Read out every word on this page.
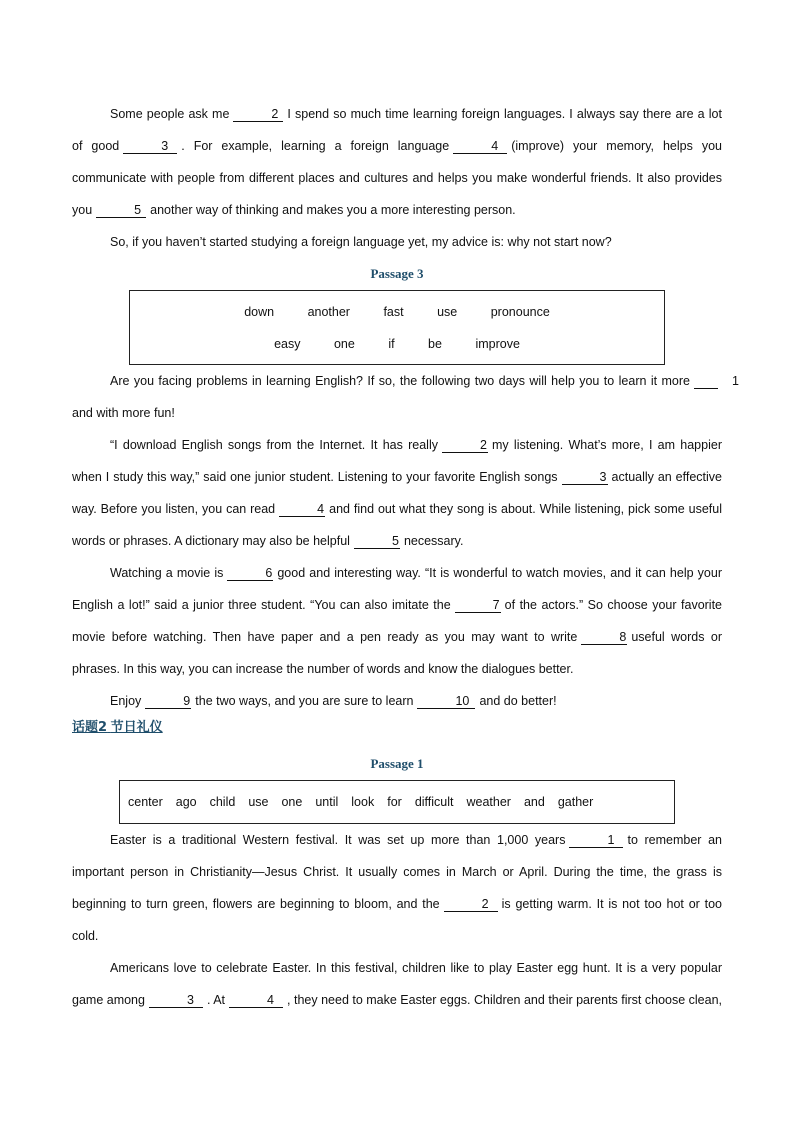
Some people ask me	2 I spend so much time learning foreign languages. I always say there are a lot of good	3 . For example, learning a foreign language	4 (improve) your memory, helps you communicate with people from different places and cultures and helps you make wonderful friends. It also provides you	5 another way of thinking and makes you a more interesting person.

So, if you haven’t started studying a foreign language yet, my advice is: why not start now?

Passage 3
down	another	fast	use	pronounce
easy	one	if	be	improve

Are you facing problems in learning English? If so, the following two days will help you to learn it more	1and with more fun!

“I download English songs from the Internet. It has really	2 my listening. What’s more, I am happier when I study this way,” said one junior student. Listening to your favorite English songs	3 actually an effective way. Before you listen, you can read	4 and find out what they song is about. While listening, pick some useful words or phrases. A dictionary may also be helpful	5 necessary.

Watching a movie is	6 good and interesting way. “It is wonderful to watch movies, and it can help your English a lot!” said a junior three student. “You can also imitate the	7 of the actors.” So choose your favorite movie before watching. Then have paper and a pen ready as you may want to write	8 useful words or phrases. In this way, you can increase the number of words and know the dialogues better.

Enjoy	9 the two ways, and you are sure to learn	10 and do better!

话题2 节日礼仪
Passage 1
center ago child use one until look for difficult weather and gather

Easter is a traditional Western festival. It was set up more than 1,000 years	1 to remember an important person in Christianity—Jesus Christ. It usually comes in March or April. During the time, the grass is beginning to turn green, flowers are beginning to bloom, and the	2 is getting warm. It is not too hot or too cold.

Americans love to celebrate Easter. In this festival, children like to play Easter egg hunt. It is a very popular game among	3 . At	4 , they need to make Easter eggs. Children and their parents first choose clean,
